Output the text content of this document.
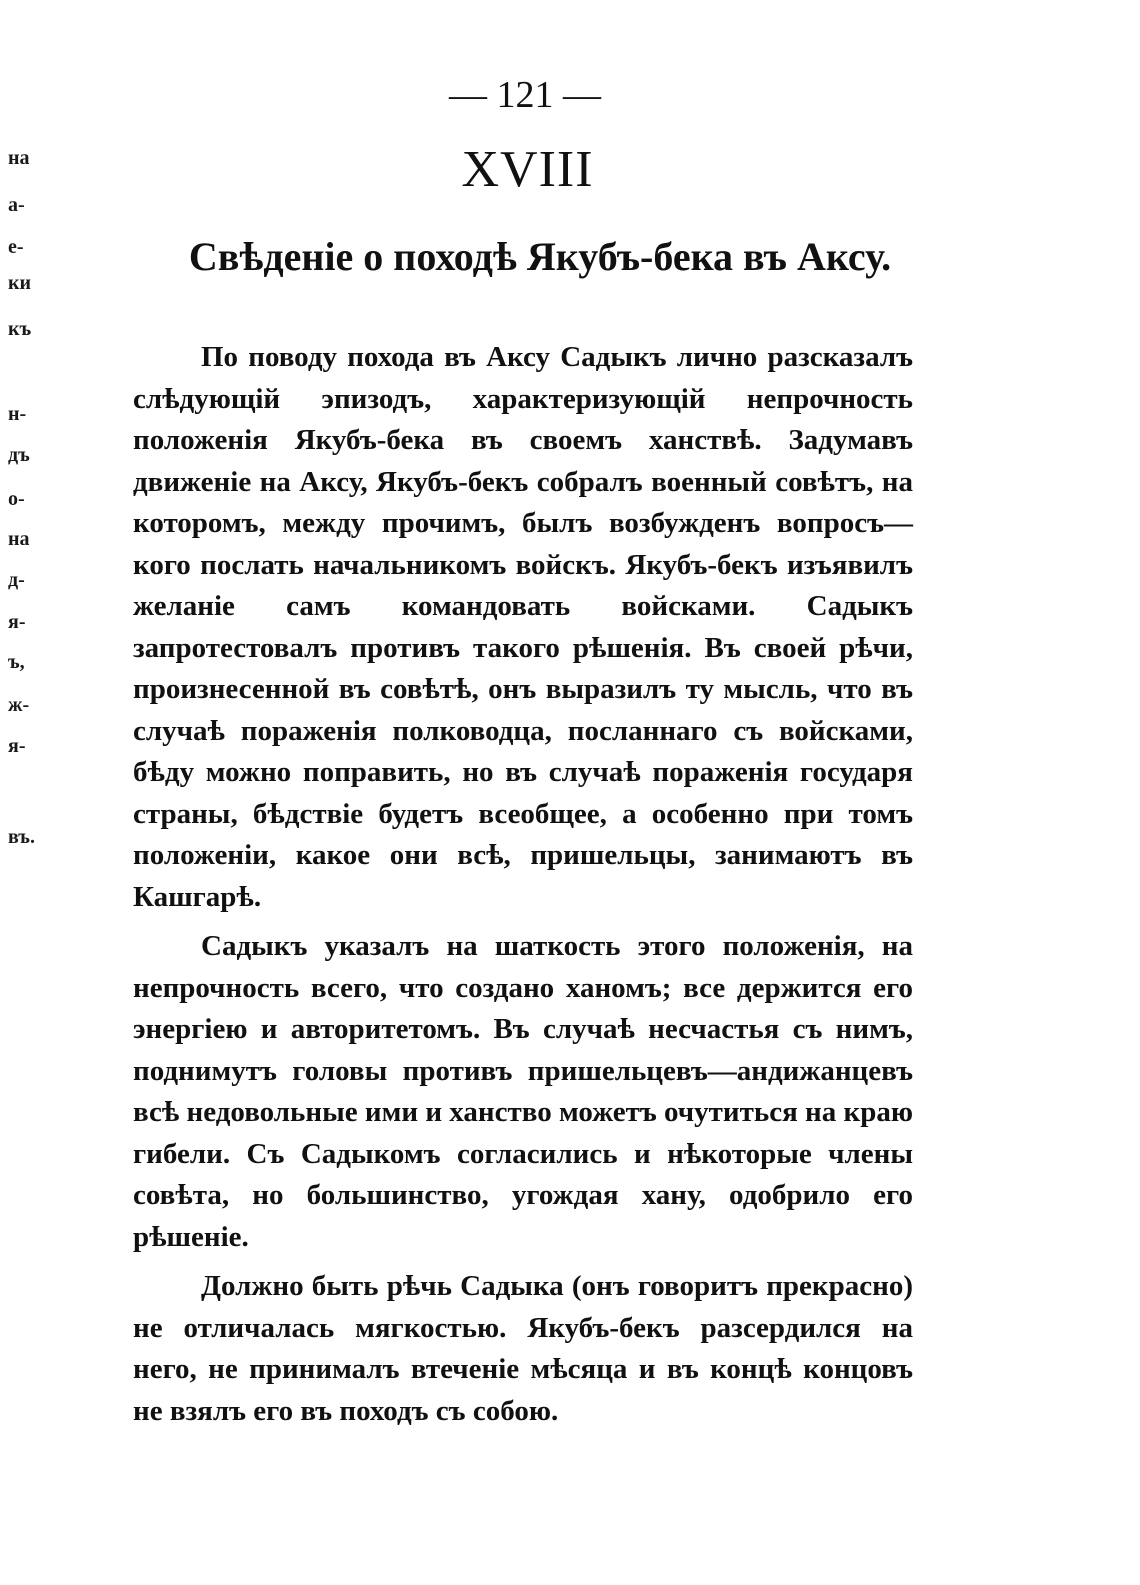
— 121 —
XVIII
Свѣденіе о походѣ Якубъ-бека въ Аксу.
на
а-
е-
ки
къ
н-
дъ
о-
на
д-
я-
ъ,
ж-
я-
въ.

По поводу похода въ Аксу Садыкъ лично разсказалъ слѣдующій эпизодъ, характеризующій непрочность положенія Якубъ-бека въ своемъ ханствѣ. Задумавъ движеніе на Аксу, Якубъ-бекъ собралъ военный совѣтъ, на которомъ, между прочимъ, былъ возбужденъ вопросъ—кого послать начальникомъ войскъ. Якубъ-бекъ изъявилъ желаніе самъ командовать войсками. Садыкъ запротестовалъ противъ такого рѣшенія. Въ своей рѣчи, произнесенной въ совѣтѣ, онъ выразилъ ту мысль, что въ случаѣ пораженія полководца, посланнаго съ войсками, бѣду можно поправить, но въ случаѣ пораженія государя страны, бѣдствіе будетъ всеобщее, а особенно при томъ положеніи, какое они всѣ, пришельцы, занимаютъ въ Кашгарѣ.

Садыкъ указалъ на шаткость этого положенія, на непрочность всего, что создано ханомъ; все держится его энергіею и авторитетомъ. Въ случаѣ несчастья съ нимъ, поднимутъ головы противъ пришельцевъ—андижанцевъ всѣ недовольные ими и ханство можетъ очутиться на краю гибели. Съ Садыкомъ согласились и нѣкоторые члены совѣта, но большинство, угождая хану, одобрило его рѣшеніе.

Должно быть рѣчь Садыка (онъ говоритъ прекрасно) не отличалась мягкостью. Якубъ-бекъ разсердился на него, не принималъ втеченіе мѣсяца и въ концѣ концовъ не взялъ его въ походъ съ собою.
